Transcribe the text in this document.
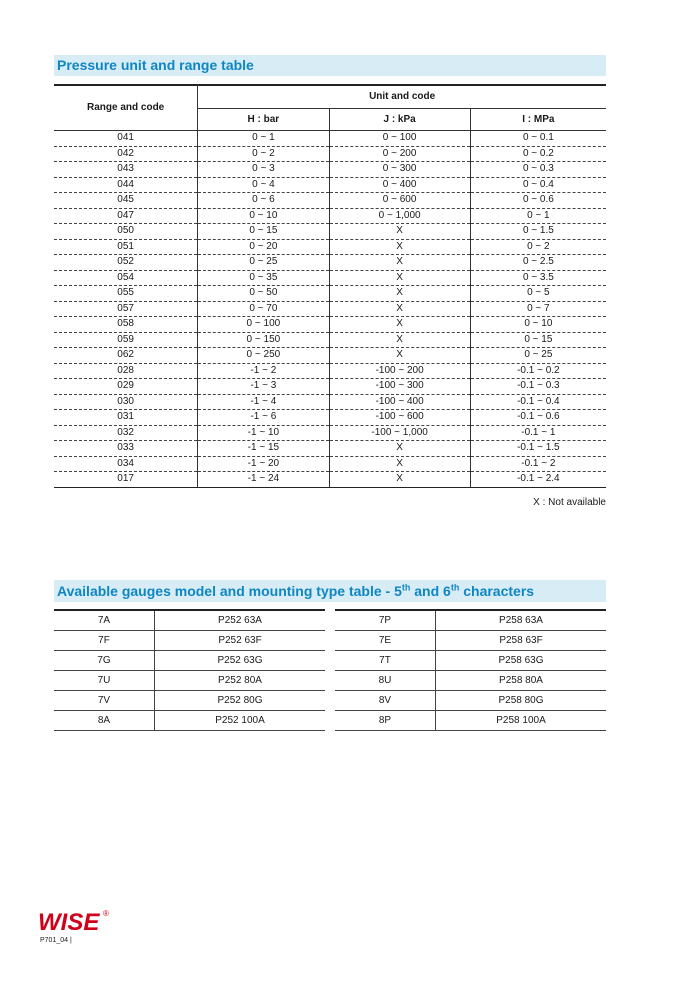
Pressure unit and range table
Range and code	Unit and code		
	H : bar	J : kPa	I : MPa
041	0 ~ 1	0 ~ 100	0 ~ 0.1
042	0 ~ 2	0 ~ 200	0 ~ 0.2
043	0 ~ 3	0 ~ 300	0 ~ 0.3
044	0 ~ 4	0 ~ 400	0 ~ 0.4
045	0 ~ 6	0 ~ 600	0 ~ 0.6
047	0 ~ 10	0 ~ 1,000	0 ~ 1
050	0 ~ 15	X	0 ~ 1.5
051	0 ~ 20	X	0 ~ 2
052	0 ~ 25	X	0 ~ 2.5
054	0 ~ 35	X	0 ~ 3.5
055	0 ~ 50	X	0 ~ 5
057	0 ~ 70	X	0 ~ 7
058	0 ~ 100	X	0 ~ 10
059	0 ~ 150	X	0 ~ 15
062	0 ~ 250	X	0 ~ 25
028	-1 ~ 2	-100 ~ 200	-0.1 ~ 0.2
029	-1 ~ 3	-100 ~ 300	-0.1 ~ 0.3
030	-1 ~ 4	-100 ~ 400	-0.1 ~ 0.4
031	-1 ~ 6	-100 ~ 600	-0.1 ~ 0.6
032	-1 ~ 10	-100 ~ 1,000	-0.1 ~ 1
033	-1 ~ 15	X	-0.1 ~ 1.5
034	-1 ~ 20	X	-0.1 ~ 2
017	-1 ~ 24	X	-0.1 ~ 2.4
X : Not available
Available gauges model and mounting type table - 5th and 6th characters
7A	P252 63A
7F	P252 63F
7G	P252 63G
7U	P252 80A
7V	P252 80G
8A	P252 100A
7P	P258 63A
7E	P258 63F
7T	P258 63G
8U	P258 80A
8V	P258 80G
8P	P258 100A
WISE ®
P701_04 |
